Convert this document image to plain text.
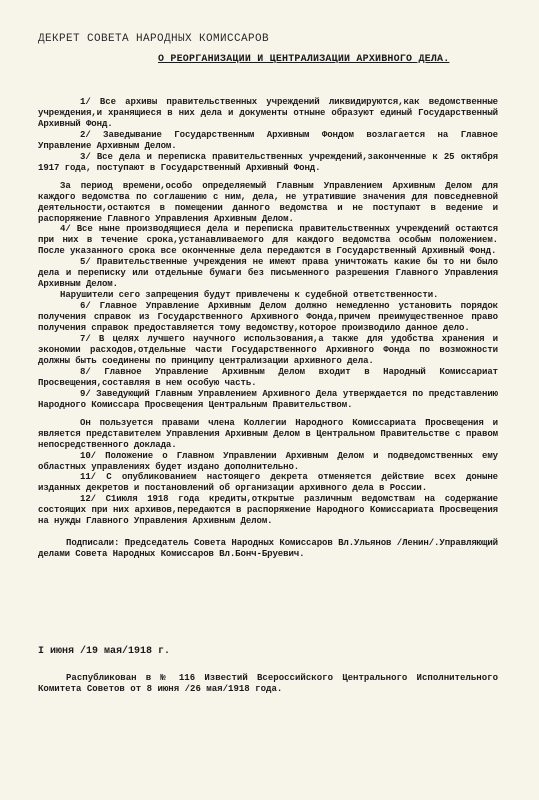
ДЕКРЕТ СОВЕТА НАРОДНЫХ КОМИССАРОВ
О РЕОРГАНИЗАЦИИ И ЦЕНТРАЛИЗАЦИИ АРХИВНОГО ДЕЛА.

1/ Все архивы правительственных учреждений ликвидируются,как ведомственные учреждения,и хранящиеся в них дела и документы отныне образуют единый Государственный Архивный Фонд.

2/ Заведывание Государственным Архивным Фондом возлагается на Главное Управление Архивным Делом.

3/ Все дела и переписка правительственных учреждений,законченные к 25 октября 1917 года, поступают в Государственный Архивный Фонд.

За период времени,особо определяемый Главным Управлением Архивным Делом для каждого ведомства по соглашению с ним, дела, не утратившие значения для повседневной деятельности,остаются в помещении данного ведомства и не поступают в ведение и распоряжение Главного Управления Архивным Делом.

4/ Все ныне производящиеся дела и переписка правительственных учреждений остаются при них в течение срока,устанавливаемого для каждого ведомства особым положением. После указанного срока все оконченные дела передаются в Государственный Архивный Фонд.

5/ Правительственные учреждения не имеют права уничтожать какие бы то ни было дела и переписку или отдельные бумаги без письменного разрешения Главного Управления Архивным Делом.

Нарушители сего запрещения будут привлечены к судебной ответственности.

6/ Главное Управление Архивным Делом должно немедленно установить порядок получения справок из Государственного Архивного Фонда,причем преимущественное право получения справок предоставляется тому ведомству,которое производило данное дело.

7/ В целях лучшего научного использования,а также для удобства хранения и экономии расходов,отдельные части Государственного Архивного Фонда по возможности должны быть соединены по принципу централизации архивного дела.

8/ Главное Управление Архивным Делом входит в Народный Комиссариат Просвещения,составляя в нем особую часть.

9/ Заведующий Главным Управлением Архивного Дела утверждается по представлению Народного Комиссара Просвещения Центральным Правительством.

Он пользуется правами члена Коллегии Народного Комиссариата Просвещения и является представителем Управления Архивным Делом в Центральном Правительстве с правом непосредственного доклада.

10/ Положение о Главном Управлении Архивным Делом и подведомственных ему областных управлениях будет издано дополнительно.

11/ С опубликованием настоящего декрета отменяется действие всех доныне изданных декретов и постановлений об организации архивного дела в России.

12/ С1июля 1918 года кредиты,открытые различным ведомствам на содержание состоящих при них архивов,передаются в распоряжение Народного Комиссариата Просвещения на нужды Главного Управления Архивным Делом.

Подписали: Председатель Совета Народных Комиссаров Вл.Ульянов /Ленин/.Управляющий делами Совета Народных Комиссаров Вл.Бонч-Бруевич.

I июня /19 мая/1918 г.
Распубликован в № 116 Известий Всероссийского Центрального Исполнительного Комитета Советов от 8 июня /26 мая/1918 года.
